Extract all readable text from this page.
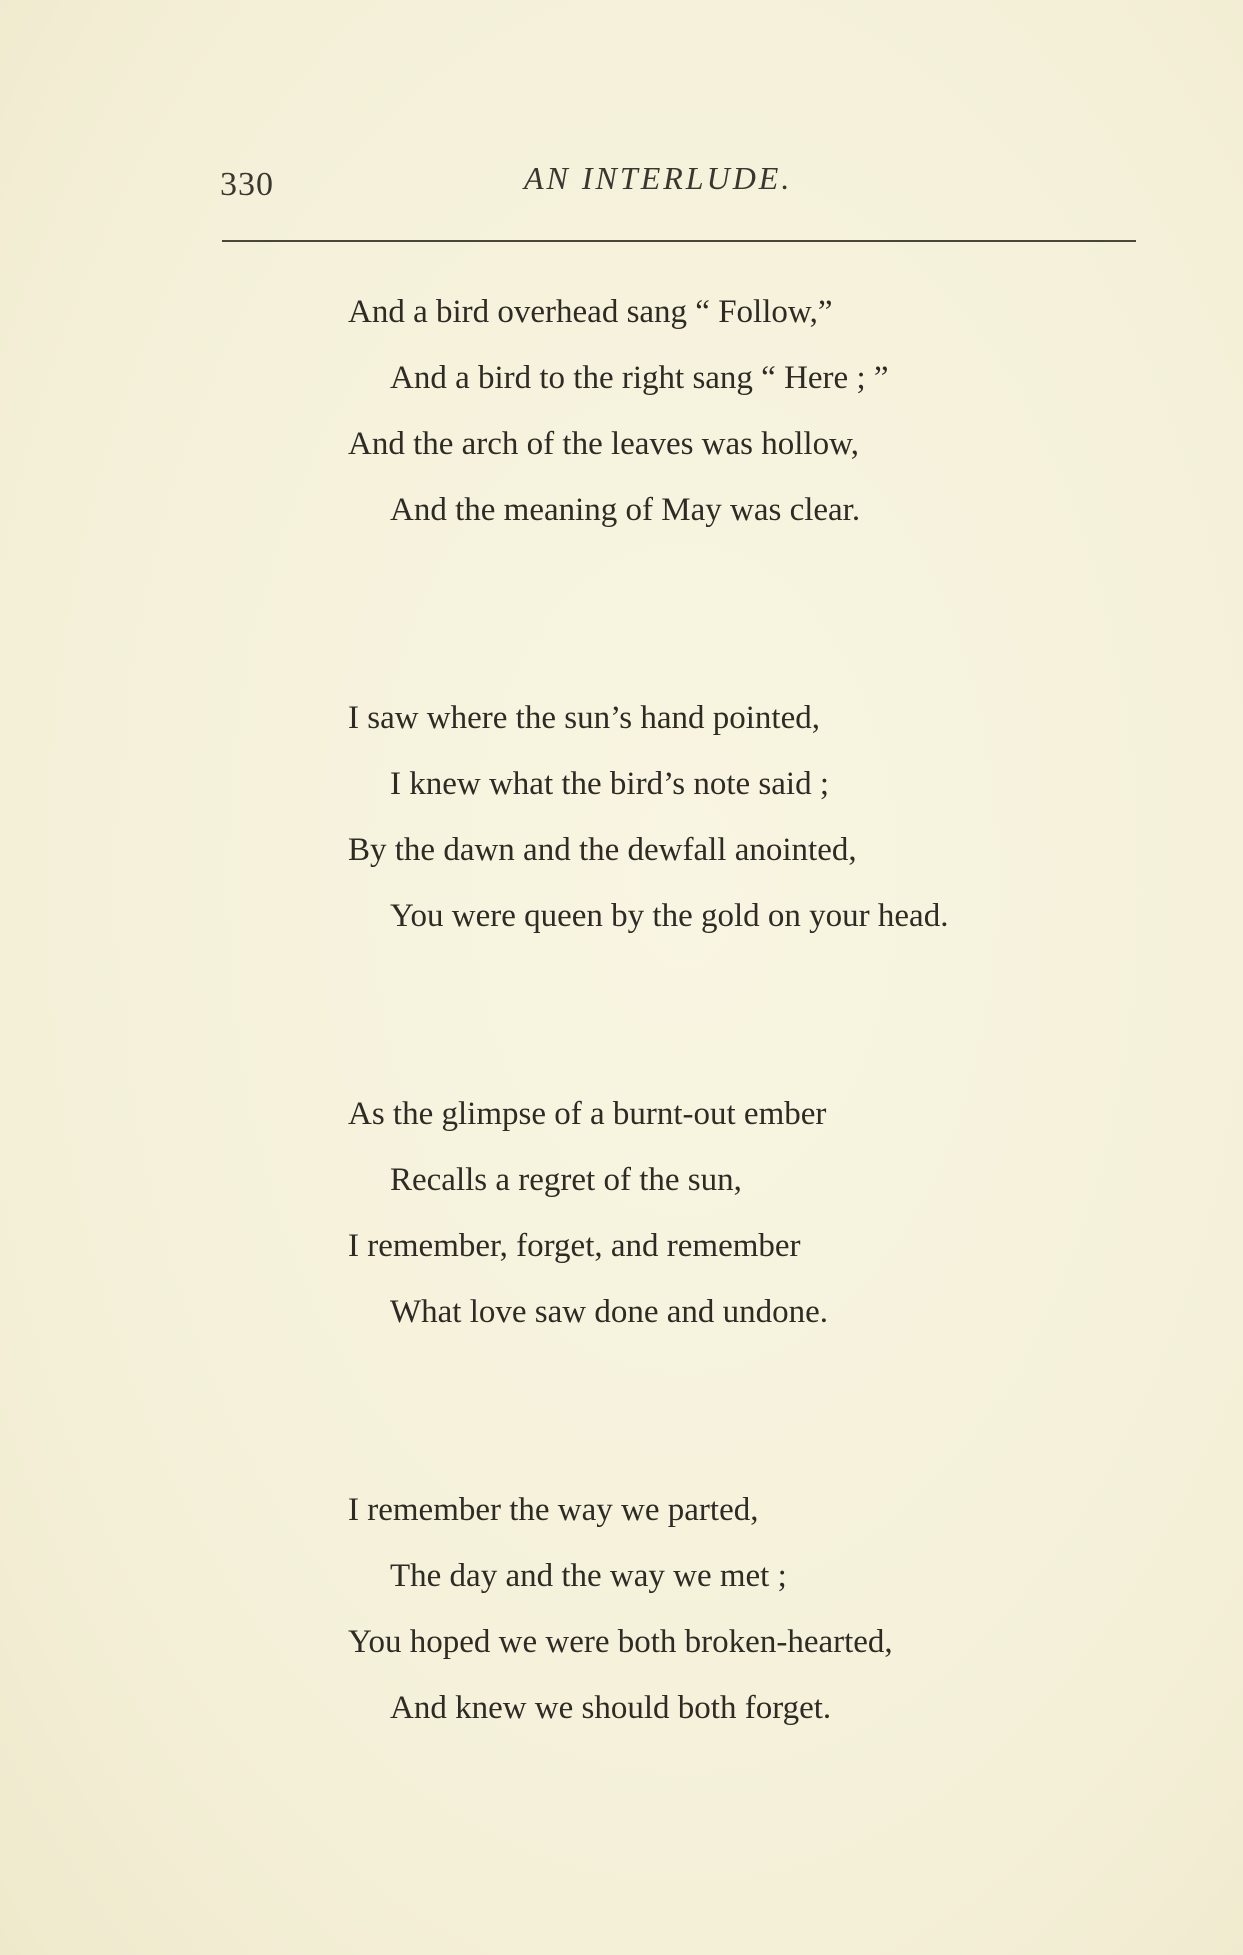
330	AN INTERLUDE.
And a bird overhead sang “ Follow,”
And a bird to the right sang “ Here ; ”
And the arch of the leaves was hollow,
And the meaning of May was clear.
I saw where the sun’s hand pointed,
I knew what the bird’s note said ;
By the dawn and the dewfall anointed,
You were queen by the gold on your head.
As the glimpse of a burnt-out ember
Recalls a regret of the sun,
I remember, forget, and remember
What love saw done and undone.
I remember the way we parted,
The day and the way we met ;
You hoped we were both broken-hearted,
And knew we should both forget.
